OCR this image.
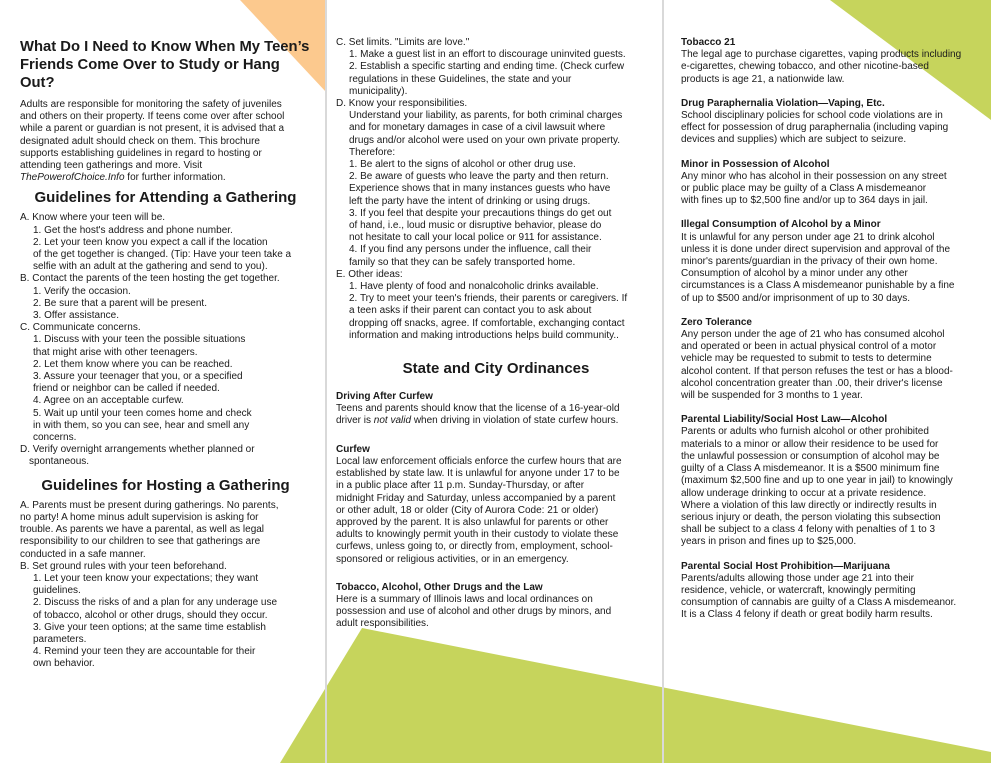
What Do I Need to Know When My Teen’s Friends Come Over to Study or Hang Out?
Adults are responsible for monitoring the safety of juveniles
and others on their property. If teens come over after school
while a parent or guardian is not present, it is advised that a
designated adult should check on them. This brochure
supports establishing guidelines in regard to hosting or
attending teen gatherings and more. Visit
ThePowerofChoice.Info for further information.
Guidelines for Attending a Gathering
A. Know where your teen will be.
1. Get the host's address and phone number.
2. Let your teen know you expect a call if the location
of the get together is changed. (Tip: Have your teen take a
selfie with an adult at the gathering and send to you).
B. Contact the parents of the teen hosting the get together.
1. Verify the occasion.
2. Be sure that a parent will be present.
3. Offer assistance.
C. Communicate concerns.
1. Discuss with your teen the possible situations
that might arise with other teenagers.
2. Let them know where you can be reached.
3. Assure your teenager that you, or a specified
friend or neighbor can be called if needed.
4. Agree on an acceptable curfew.
5. Wait up until your teen comes home and check
in with them, so you can see, hear and smell any
concerns.
D. Verify overnight arrangements whether planned or
spontaneous.
Guidelines for Hosting a Gathering
A. Parents must be present during gatherings. No parents,
no party! A home minus adult supervision is asking for
trouble. As parents we have a parental, as well as legal
responsibility to our children to see that gatherings are
conducted in a safe manner.
B. Set ground rules with your teen beforehand.
1. Let your teen know your expectations; they want
guidelines.
2. Discuss the risks of and a plan for any underage use
of tobacco, alcohol or other drugs, should they occur.
3. Give your teen options; at the same time establish
parameters.
4. Remind your teen they are accountable for their
own behavior.
C. Set limits. "Limits are love."
1. Make a guest list in an effort to discourage uninvited guests.
2. Establish a specific starting and ending time. (Check curfew
regulations in these Guidelines, the state and your
municipality).
D. Know your responsibilities.
Understand your liability, as parents, for both criminal charges
and for monetary damages in case of a civil lawsuit where
drugs and/or alcohol were used on your own private property.
Therefore:
1. Be alert to the signs of alcohol or other drug use.
2. Be aware of guests who leave the party and then return.
Experience shows that in many instances guests who have
left the party have the intent of drinking or using drugs.
3. If you feel that despite your precautions things do get out
of hand, i.e., loud music or disruptive behavior, please do
not hesitate to call your local police or 911 for assistance.
4. If you find any persons under the influence, call their
family so that they can be safely transported home.
E. Other ideas:
1. Have plenty of food and nonalcoholic drinks available.
2. Try to meet your teen's friends, their parents or caregivers. If
a teen asks if their parent can contact you to ask about
dropping off snacks, agree. If comfortable, exchanging contact
information and making introductions helps build community..
State and City Ordinances
Driving After Curfew
Teens and parents should know that the license of a 16-year-old
driver is not valid when driving in violation of state curfew hours.
Curfew
Local law enforcement officials enforce the curfew hours that are
established by state law. It is unlawful for anyone under 17 to be
in a public place after 11 p.m. Sunday-Thursday, or after
midnight Friday and Saturday, unless accompanied by a parent
or other adult, 18 or older (City of Aurora Code: 21 or older)
approved by the parent. It is also unlawful for parents or other
adults to knowingly permit youth in their custody to violate these
curfews, unless going to, or directly from, employment, school-
sponsored or religious activities, or in an emergency.
Tobacco, Alcohol, Other Drugs and the Law
Here is a summary of Illinois laws and local ordinances on
possession and use of alcohol and other drugs by minors, and
adult responsibilities.
Tobacco 21
The legal age to purchase cigarettes, vaping products including
e-cigarettes, chewing tobacco, and other nicotine-based
products is age 21, a nationwide law.
Drug Paraphernalia Violation—Vaping, Etc.
School disciplinary policies for school code violations are in
effect for possession of drug paraphernalia (including vaping
devices and supplies) which are subject to seizure.
Minor in Possession of Alcohol
Any minor who has alcohol in their possession on any street
or public place may be guilty of a Class A misdemeanor
with fines up to $2,500 fine and/or up to 364 days in jail.
Illegal Consumption of Alcohol by a Minor
It is unlawful for any person under age 21 to drink alcohol
unless it is done under direct supervision and approval of the
minor's parents/guardian in the privacy of their own home.
Consumption of alcohol by a minor under any other
circumstances is a Class A misdemeanor punishable by a fine
of up to $500 and/or imprisonment of up to 30 days.
Zero Tolerance
Any person under the age of 21 who has consumed alcohol
and operated or been in actual physical control of a motor
vehicle may be requested to submit to tests to determine
alcohol content. If that person refuses the test or has a blood-
alcohol concentration greater than .00, their driver's license
will be suspended for 3 months to 1 year.
Parental Liability/Social Host Law—Alcohol
Parents or adults who furnish alcohol or other prohibited
materials to a minor or allow their residence to be used for
the unlawful possession or consumption of alcohol may be
guilty of a Class A misdemeanor. It is a $500 minimum fine
(maximum $2,500 fine and up to one year in jail) to knowingly
allow underage drinking to occur at a private residence.
Where a violation of this law directly or indirectly results in
serious injury or death, the person violating this subsection
shall be subject to a class 4 felony with penalties of 1 to 3
years in prison and fines up to $25,000.
Parental Social Host Prohibition—Marijuana
Parents/adults allowing those under age 21 into their
residence, vehicle, or watercraft, knowingly permiting
consumption of cannabis are guilty of a Class A misdemeanor.
It is a Class 4 felony if death or great bodily harm results.
